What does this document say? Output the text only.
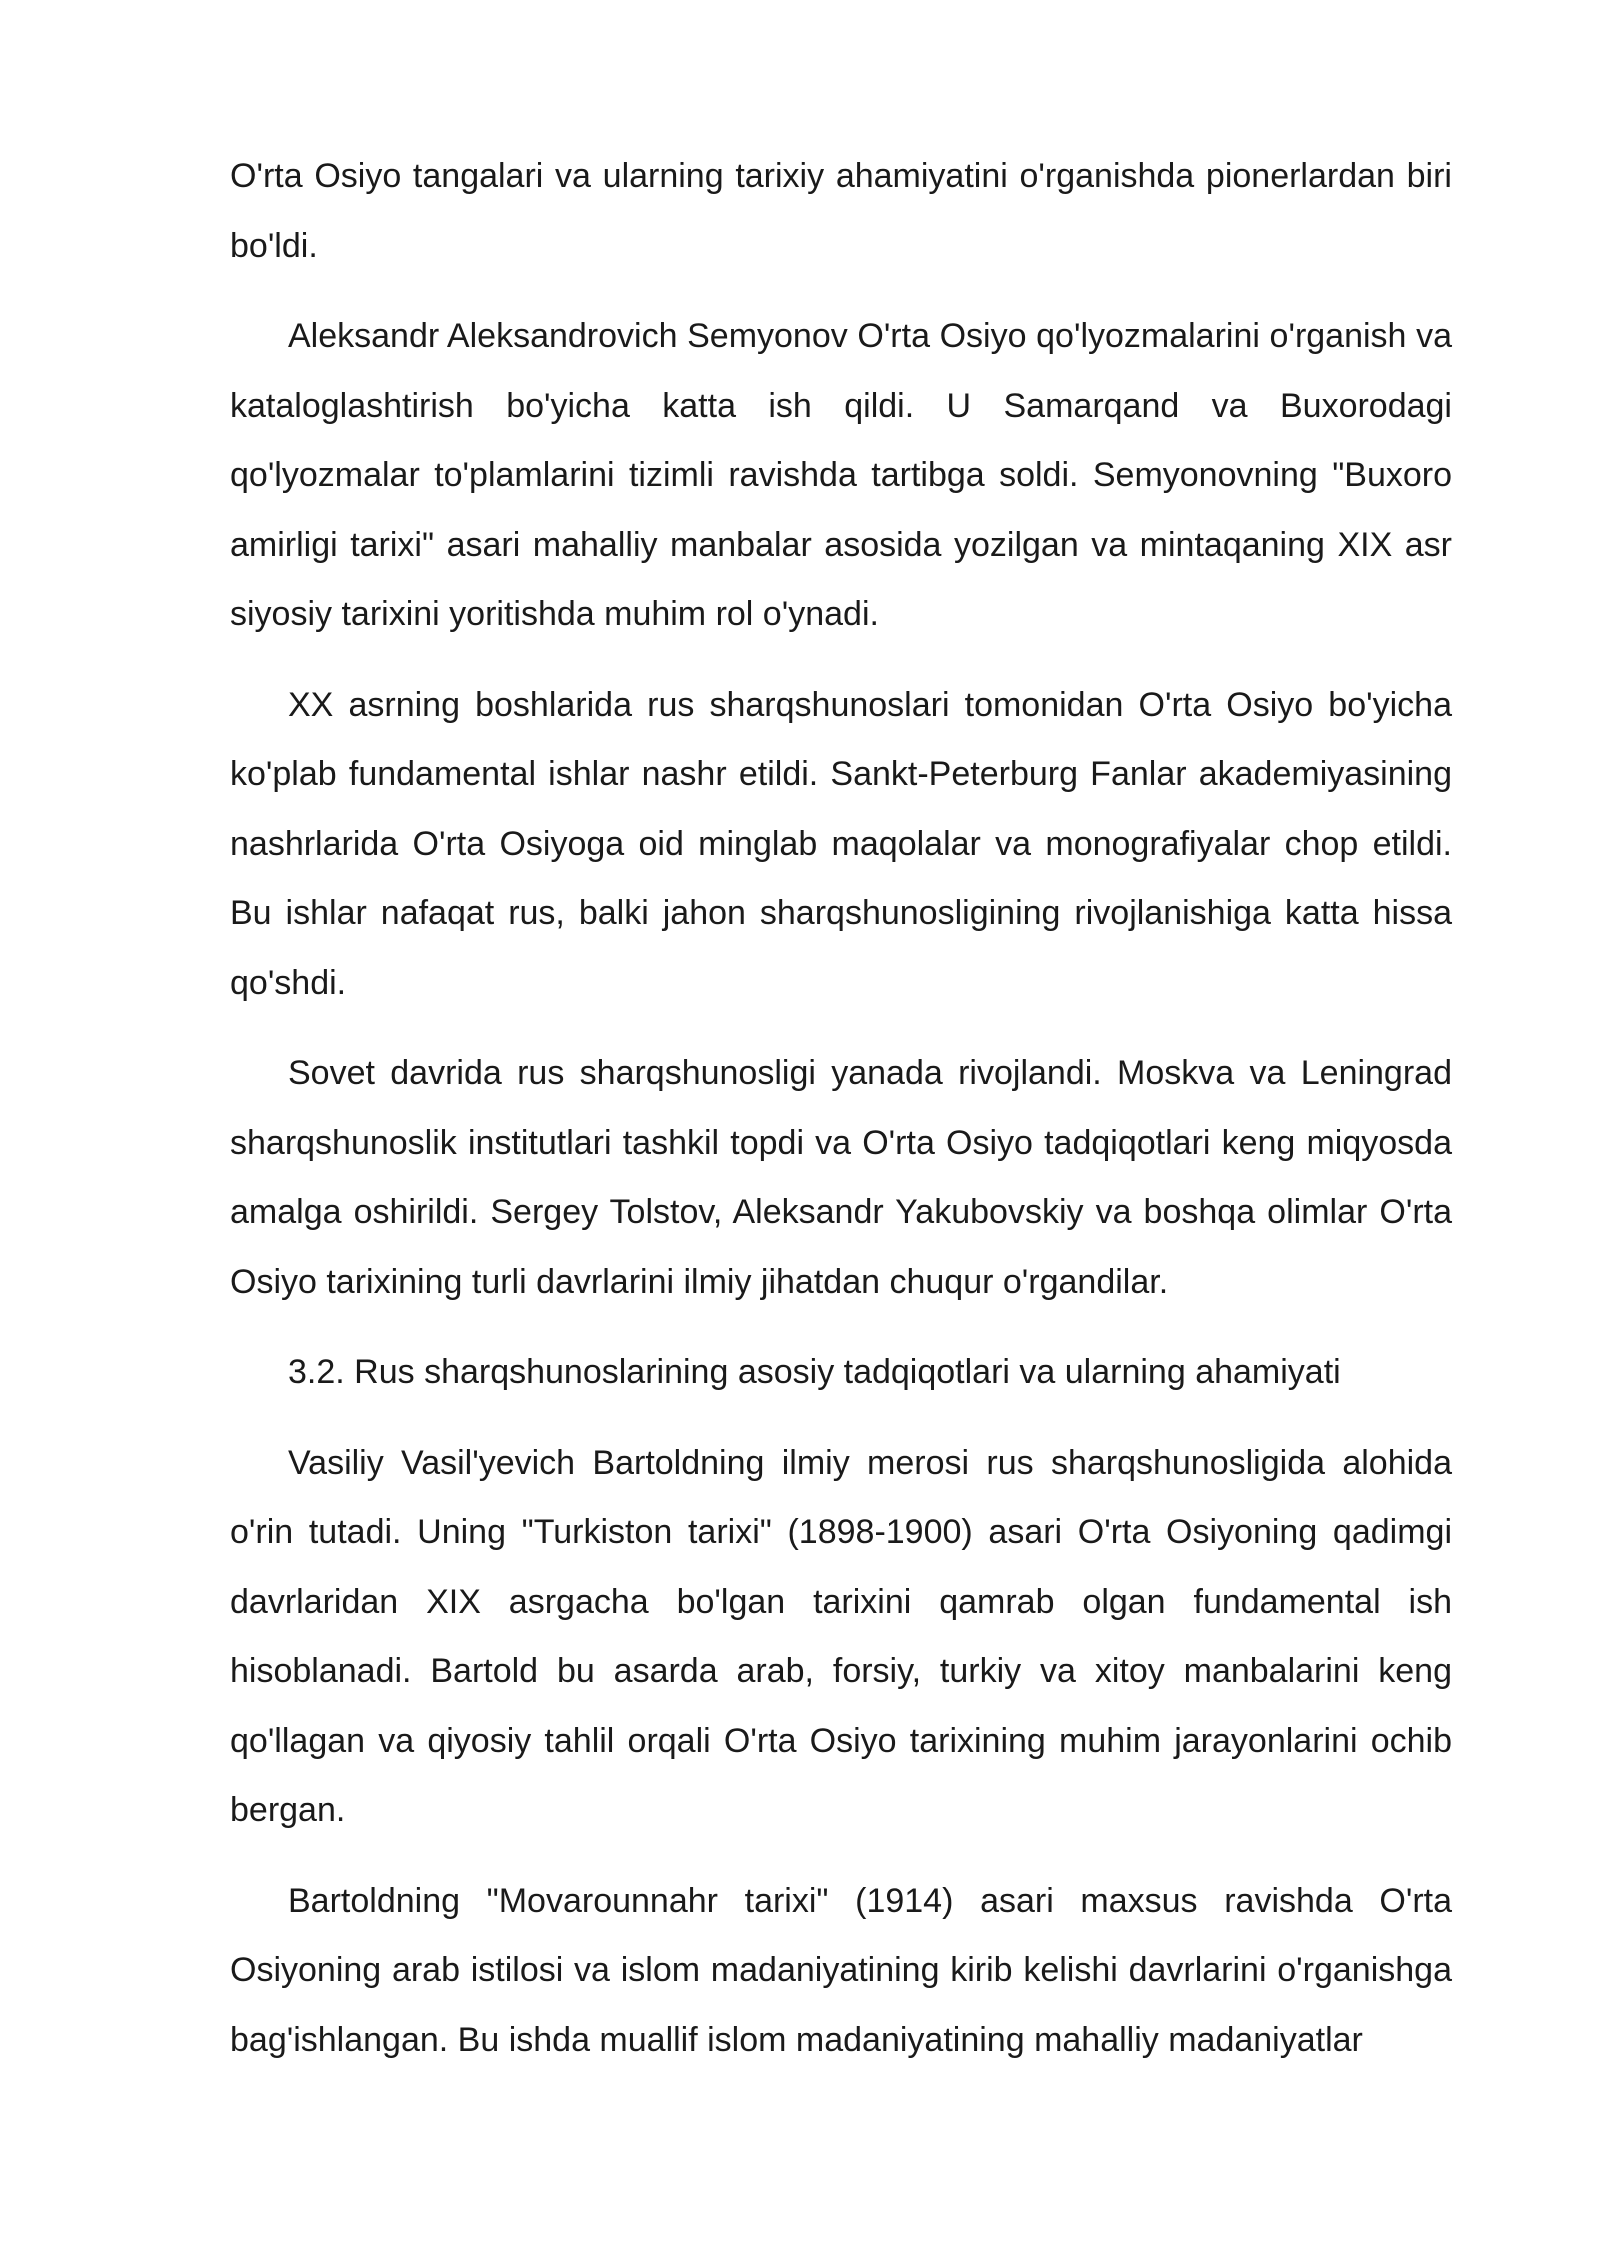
O'rta Osiyo tangalari va ularning tarixiy ahamiyatini o'rganishda pionerlardan biri bo'ldi.

Aleksandr Aleksandrovich Semyonov O'rta Osiyo qo'lyozmalarini o'rganish va kataloglashtirish bo'yicha katta ish qildi. U Samarqand va Buxorodagi qo'lyozmalar to'plamlarini tizimli ravishda tartibga soldi. Semyonovning "Buxoro amirligi tarixi" asari mahalliy manbalar asosida yozilgan va mintaqaning XIX asr siyosiy tarixini yoritishda muhim rol o'ynadi.

XX asrning boshlarida rus sharqshunoslari tomonidan O'rta Osiyo bo'yicha ko'plab fundamental ishlar nashr etildi. Sankt-Peterburg Fanlar akademiyasining nashrlarida O'rta Osiyoga oid minglab maqolalar va monografiyalar chop etildi. Bu ishlar nafaqat rus, balki jahon sharqshunosligining rivojlanishiga katta hissa qo'shdi.

Sovet davrida rus sharqshunosligi yanada rivojlandi. Moskva va Leningrad sharqshunoslik institutlari tashkil topdi va O'rta Osiyo tadqiqotlari keng miqyosda amalga oshirildi. Sergey Tolstov, Aleksandr Yakubovskiy va boshqa olimlar O'rta Osiyo tarixining turli davrlarini ilmiy jihatdan chuqur o'rgandilar.

3.2. Rus sharqshunoslarining asosiy tadqiqotlari va ularning ahamiyati

Vasiliy Vasil'yevich Bartoldning ilmiy merosi rus sharqshunosligida alohida o'rin tutadi. Uning "Turkiston tarixi" (1898-1900) asari O'rta Osiyoning qadimgi davrlaridan XIX asrgacha bo'lgan tarixini qamrab olgan fundamental ish hisoblanadi. Bartold bu asarda arab, forsiy, turkiy va xitoy manbalarini keng qo'llagan va qiyosiy tahlil orqali O'rta Osiyo tarixining muhim jarayonlarini ochib bergan.

Bartoldning "Movarounnahr tarixi" (1914) asari maxsus ravishda O'rta Osiyoning arab istilosi va islom madaniyatining kirib kelishi davrlarini o'rganishga bag'ishlangan. Bu ishda muallif islom madaniyatining mahalliy madaniyatlar
